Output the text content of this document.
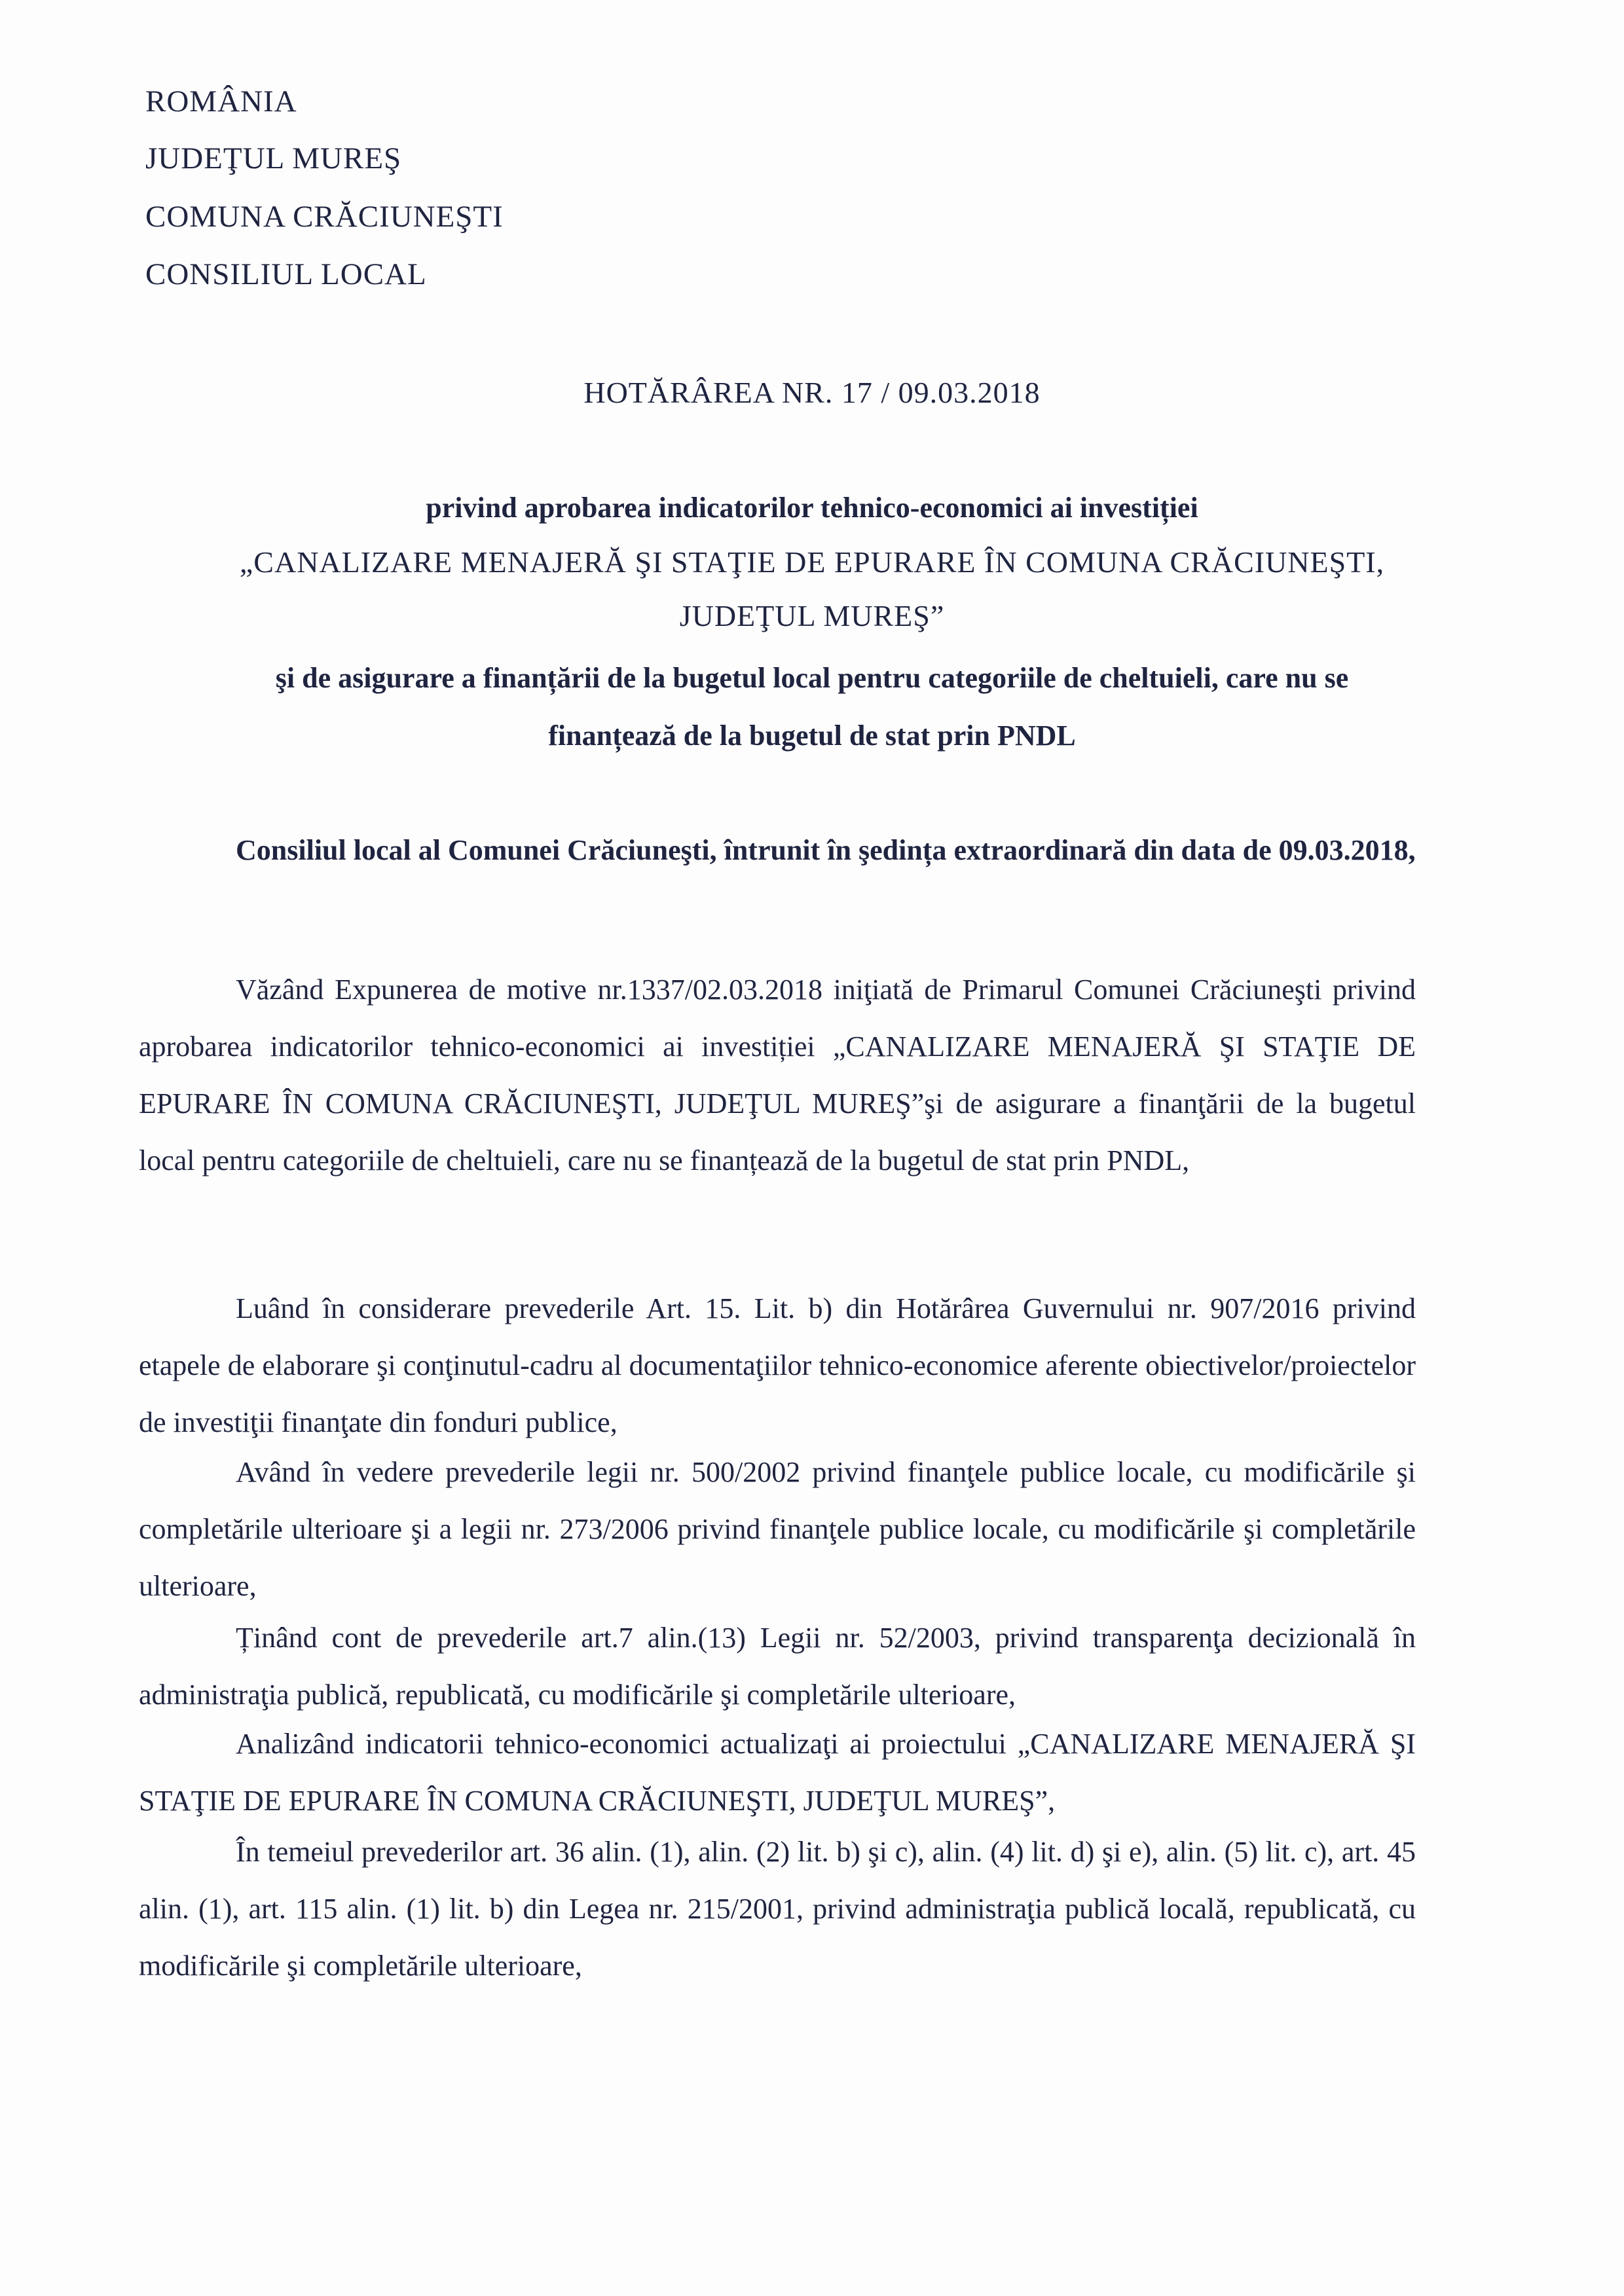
ROMÂNIA
JUDEŢUL MUREŞ
COMUNA CRĂCIUNEŞTI
CONSILIUL LOCAL
HOTĂRÂREA NR. 17 / 09.03.2018
privind aprobarea indicatorilor tehnico-economici ai investiției
„CANALIZARE MENAJERĂ ŞI STAŢIE DE EPURARE ÎN COMUNA CRĂCIUNEŞTI,
JUDEŢUL MUREŞ”
şi de asigurare a finanțării de la bugetul local pentru categoriile de cheltuieli, care nu se
finanțează de la bugetul de stat prin PNDL
Consiliul local al Comunei Crăciuneşti, întrunit în şedința extraordinară din data de 09.03.2018,
Văzând Expunerea de motive nr.1337/02.03.2018 iniţiată de Primarul Comunei Crăciuneşti privind aprobarea indicatorilor tehnico-economici ai investiției „CANALIZARE MENAJERĂ ŞI STAŢIE DE EPURARE ÎN COMUNA CRĂCIUNEŞTI, JUDEŢUL MUREŞ”şi de asigurare a finanţării de la bugetul local pentru categoriile de cheltuieli, care nu se finanțează de la bugetul de stat prin PNDL,
Luând în considerare prevederile Art. 15. Lit. b) din Hotărârea Guvernului nr. 907/2016 privind etapele de elaborare şi conţinutul-cadru al documentaţiilor tehnico-economice aferente obiectivelor/proiectelor de investiţii finanţate din fonduri publice,
Având în vedere prevederile legii nr. 500/2002 privind finanţele publice locale, cu modificările şi completările ulterioare şi a legii nr. 273/2006 privind finanţele publice locale, cu modificările şi completările ulterioare,
Ținând cont de prevederile art.7 alin.(13) Legii nr. 52/2003, privind transparenţa decizională în administraţia publică, republicată, cu modificările şi completările ulterioare,
Analizând indicatorii tehnico-economici actualizaţi ai proiectului „CANALIZARE MENAJERĂ ŞI STAŢIE DE EPURARE ÎN COMUNA CRĂCIUNEŞTI, JUDEŢUL MUREŞ”,
În temeiul prevederilor art. 36 alin. (1), alin. (2) lit. b) şi c), alin. (4) lit. d) şi e), alin. (5) lit. c), art. 45 alin. (1), art. 115 alin. (1) lit. b) din Legea nr. 215/2001, privind administraţia publică locală, republicată, cu modificările şi completările ulterioare,
